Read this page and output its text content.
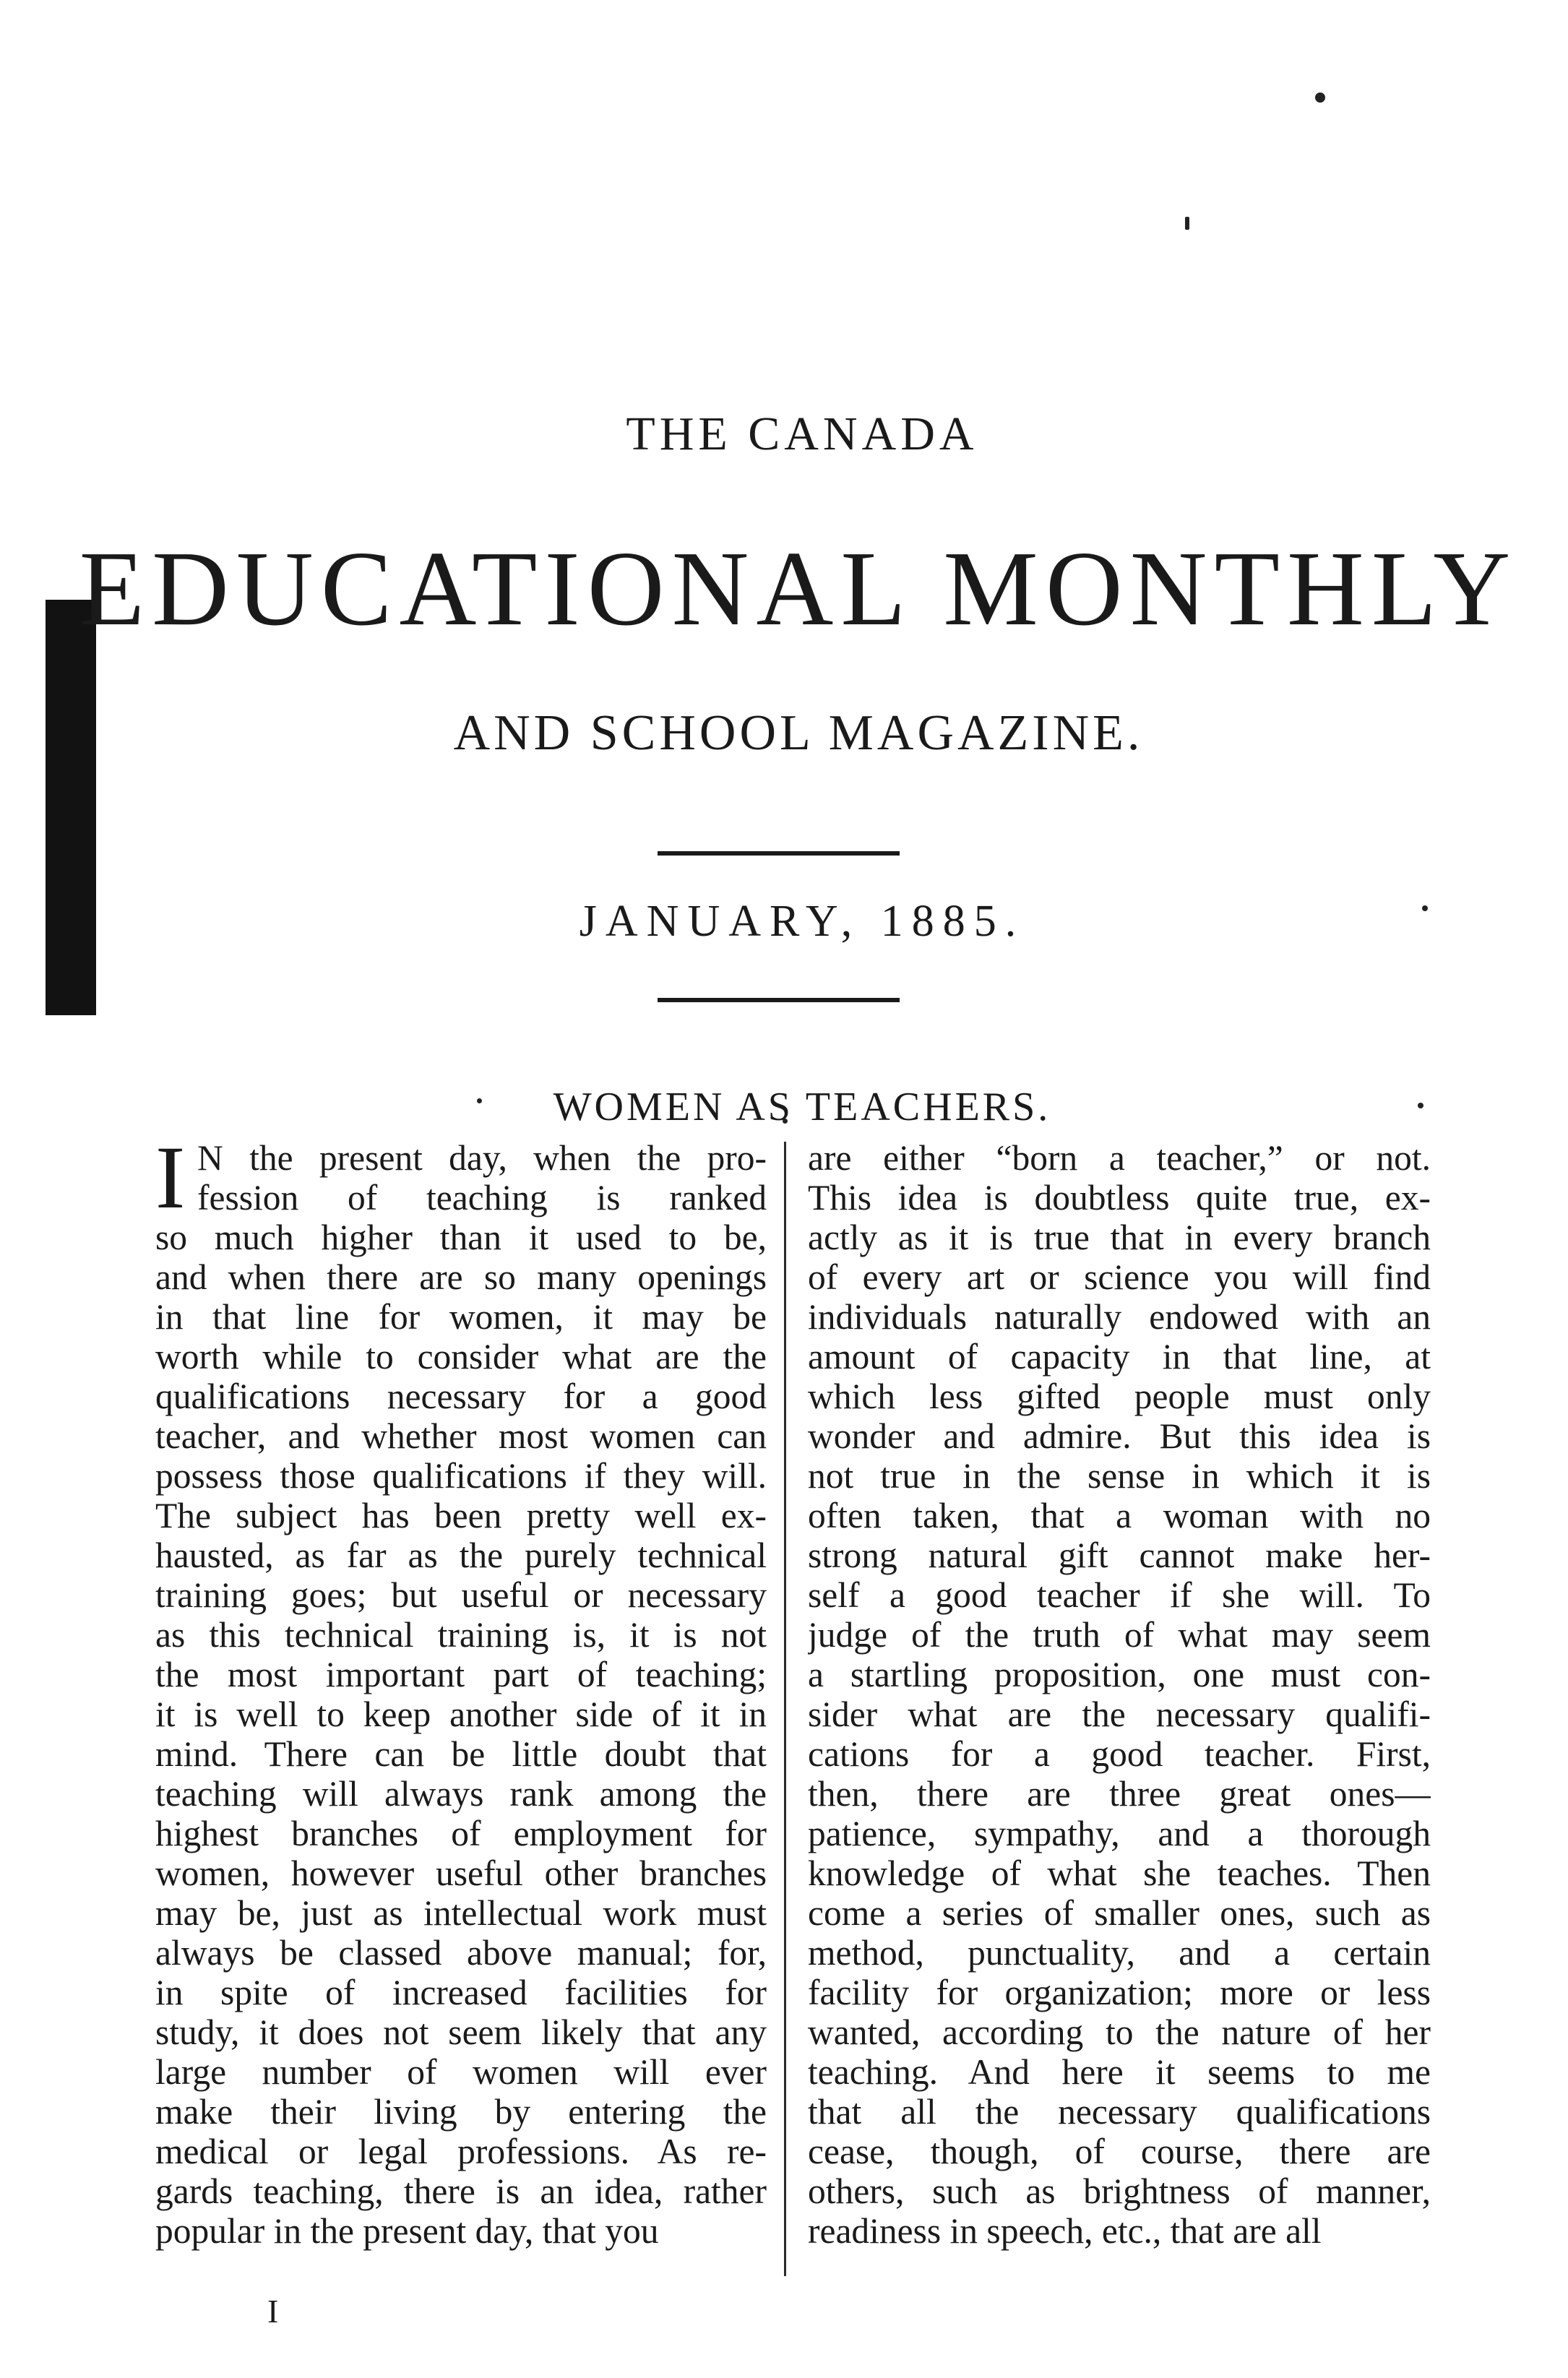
THE CANADA
EDUCATIONAL MONTHLY
AND SCHOOL MAGAZINE.
JANUARY, 1885.
WOMEN AS TEACHERS.
I N the present day, when the pro-
fession of teaching is ranked
so much higher than it used to be,
and when there are so many openings
in that line for women, it may be
worth while to consider what are the
qualifications necessary for a good
teacher, and whether most women can
possess those qualifications if they will.
The subject has been pretty well ex-
hausted, as far as the purely technical
training goes; but useful or necessary
as this technical training is, it is not
the most important part of teaching;
it is well to keep another side of it in
mind. There can be little doubt that
teaching will always rank among the
highest branches of employment for
women, however useful other branches
may be, just as intellectual work must
always be classed above manual; for,
in spite of increased facilities for
study, it does not seem likely that any
large number of women will ever
make their living by entering the
medical or legal professions. As re-
gards teaching, there is an idea, rather
popular in the present day, that you
are either “born a teacher,” or not.
This idea is doubtless quite true, ex-
actly as it is true that in every branch
of every art or science you will find
individuals naturally endowed with an
amount of capacity in that line, at
which less gifted people must only
wonder and admire. But this idea is
not true in the sense in which it is
often taken, that a woman with no
strong natural gift cannot make her-
self a good teacher if she will. To
judge of the truth of what may seem
a startling proposition, one must con-
sider what are the necessary qualifi-
cations for a good teacher. First,
then, there are three great ones—
patience, sympathy, and a thorough
knowledge of what she teaches. Then
come a series of smaller ones, such as
method, punctuality, and a certain
facility for organization; more or less
wanted, according to the nature of her
teaching. And here it seems to me
that all the necessary qualifications
cease, though, of course, there are
others, such as brightness of manner,
readiness in speech, etc., that are all
I
